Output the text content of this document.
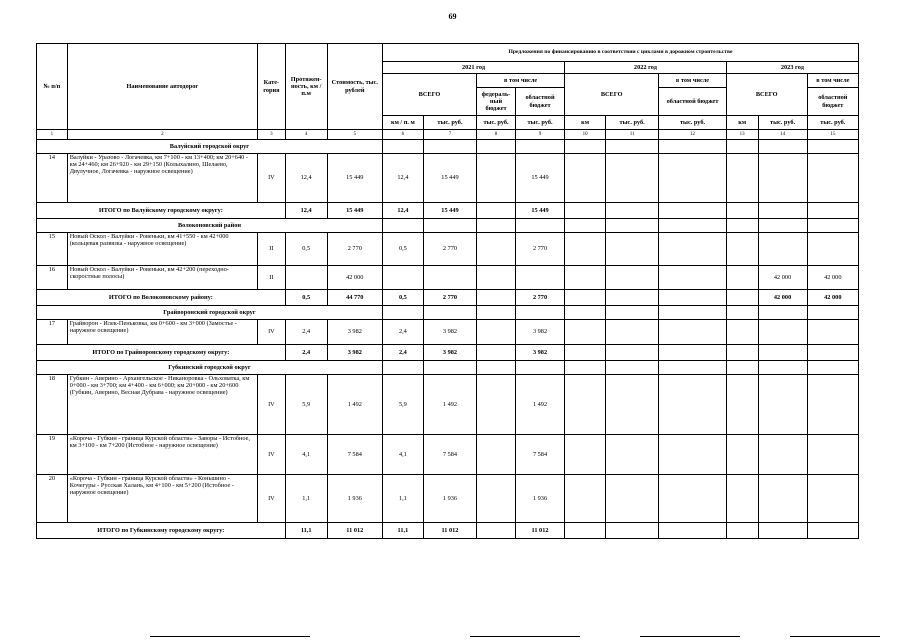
69
№ п/п	Наименование автодорог	Кате-гория	Протяжен-ность, км / п.м	Стоимость, тыс. рублей	Предложения по финансированию в соответствии с циклами в дорожном строительстве									
					2021 год				2022 год			2023 год		
					ВСЕГО		в том числе		ВСЕГО		в том числе	ВСЕГО		в том числе
							федераль-ный бюджет	областной бюджет			областной бюджет			областной бюджет
					км / п. м	тыс. руб.	тыс. руб.	тыс. руб.	км	тыс. руб.	тыс. руб.	км	тыс. руб.	тыс. руб.
1	2	3	4	5	6	7	8	9	10	11	12	13	14	15
Валуйский городской округ														
14	Валуйки - Уразово - Логачевка, км 7+100 - км 13+400; км 20+640 - км 24+460; км 26+920 - км 29+150 (Колыхалино, Шелаево, Двулучное, Логачевка - наружное освещение)	IV	12,4	15 449	12,4	15 449		15 449						
ИТОГО по Валуйскому городскому округу:			12,4	15 449	12,4	15 449		15 449						
Волоконовский район														
15	Новый Оскол - Валуйки - Ровеньки, км 41+550 - км 42+000 (кольцевая развязка - наружное освещение)	II	0,5	2 770	0,5	2 770		2 770						
16	Новый Оскол - Валуйки - Ровеньки, км 42+200 (переходно-скоростные полосы)	II		42 000									42 000	42 000
ИТОГО по Волоконовскому району:			0,5	44 770	0,5	2 770		2 770					42 000	42 000
Грайворонский городской округ														
17	Грайворон - Илек-Пеньковка, км 0+600 - км 3+000 (Замостье - наружное освещение)	IV	2,4	3 982	2,4	3 982		3 982						
ИТОГО по Грайворонскому городскому округу:			2,4	3 982	2,4	3 982		3 982						
Губкинский городской округ														
18	Губкин - Аверино - Архангельское - Никаноровка - Ольховатка, км 0+000 - км 3+700; км 4+400 - км 6+000; км 20+000 - км 20+600 (Губкин, Аверино, Весная Дубрава - наружное освещение)	IV	5,9	1 492	5,9	1 492		1 492						
19	«Короча - Губкин - граница Курской области» - Заворы - Истобное, км 3+100 - км 7+200 (Истобное - наружное освещение)	IV	4,1	7 584	4,1	7 584		7 584						
20	«Короча - Губкин - граница Курской области» - Коньшино - Кочегуры - Русская Халань, км 4+100 - км 5+200 (Истобное - наружное освещение)	IV	1,1	1 936	1,1	1 936		1 936						
ИТОГО по Губкинскому городскому округу:			11,1	11 012	11,1	11 012		11 012						
